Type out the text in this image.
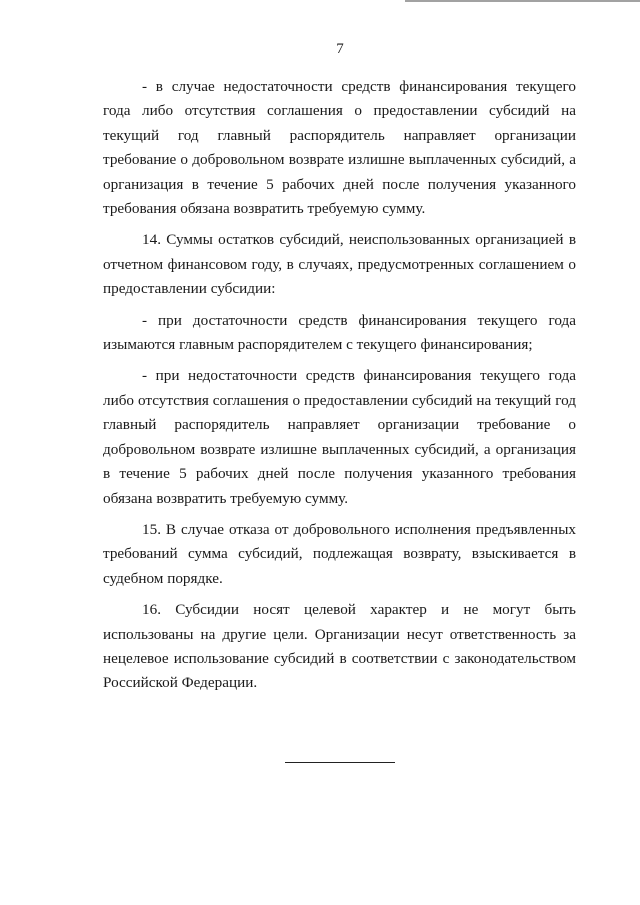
7

- в случае недостаточности средств финансирования текущего года либо отсутствия соглашения о предоставлении субсидий на текущий год главный распорядитель направляет организации требование о добровольном возврате излишне выплаченных субсидий, а организация в течение 5 рабочих дней после получения указанного требования обязана возвратить требуемую сумму.

14. Суммы остатков субсидий, неиспользованных организацией в отчетном финансовом году, в случаях, предусмотренных соглашением о предоставлении субсидии:

- при достаточности средств финансирования текущего года изымаются главным распорядителем с текущего финансирования;

- при недостаточности средств финансирования текущего года либо отсутствия соглашения о предоставлении субсидий на текущий год главный распорядитель направляет организации требование о добровольном возврате излишне выплаченных субсидий, а организация в течение 5 рабочих дней после получения указанного требования обязана возвратить требуемую сумму.

15. В случае отказа от добровольного исполнения предъявленных требований сумма субсидий, подлежащая возврату, взыскивается в судебном порядке.

16. Субсидии носят целевой характер и не могут быть использованы на другие цели. Организации несут ответственность за нецелевое использование субсидий в соответствии с законодательством Российской Федерации.
